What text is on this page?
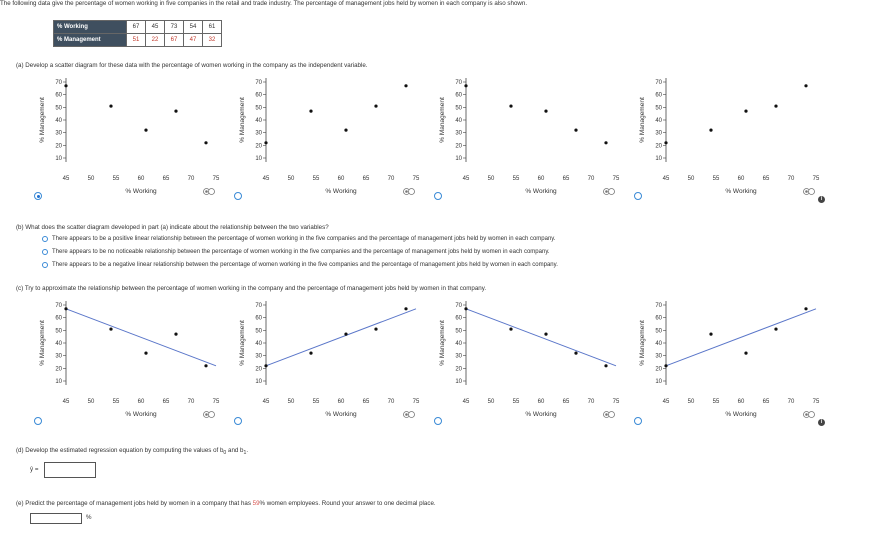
The following data give the percentage of women working in five companies in the retail and trade industry. The percentage of management jobs held by women in each company is also shown.
% Working	67	45	73	54	61
% Management	51	22	67	47	32
(a) Develop a scatter diagram for these data with the percentage of women working in the company as the independent variable.
10
20
30
40
50
60
70
45	50	55	60	65	70	75
% Working
% Management
10
20
30
40
50
60
70
45	50	55	60	65	70	75
% Working
% Management
10
20
30
40
50
60
70
45	50	55	60	65	70	75
% Working
% Management
10
20
30
40
50
60
70
45	50	55	60	65	70	75
% Working
% Management
i
10
20
30
40
50
60
70
45	50	55	60	65	70	75
% Working
% Management
10
20
30
40
50
60
70
45	50	55	60	65	70	75
% Working
% Management
10
20
30
40
50
60
70
45	50	55	60	65	70	75
% Working
% Management
10
20
30
40
50
60
70
45	50	55	60	65	70	75
% Working
% Management
i
(b) What does the scatter diagram developed in part (a) indicate about the relationship between the two variables?
There appears to be a positive linear relationship between the percentage of women working in the five companies and the percentage of management jobs held by women in each company.
There appears to be no noticeable relationship between the percentage of women working in the five companies and the percentage of management jobs held by women in each company.
There appears to be a negative linear relationship between the percentage of women working in the five companies and the percentage of management jobs held by women in each company.
(c) Try to approximate the relationship between the percentage of women working in the company and the percentage of management jobs held by women in that company.
(d) Develop the estimated regression equation by computing the values of $b_0$ and $b_1$.
ŷ =
(e) Predict the percentage of management jobs held by women in a company that has 59% women employees. Round your answer to one decimal place.
%
